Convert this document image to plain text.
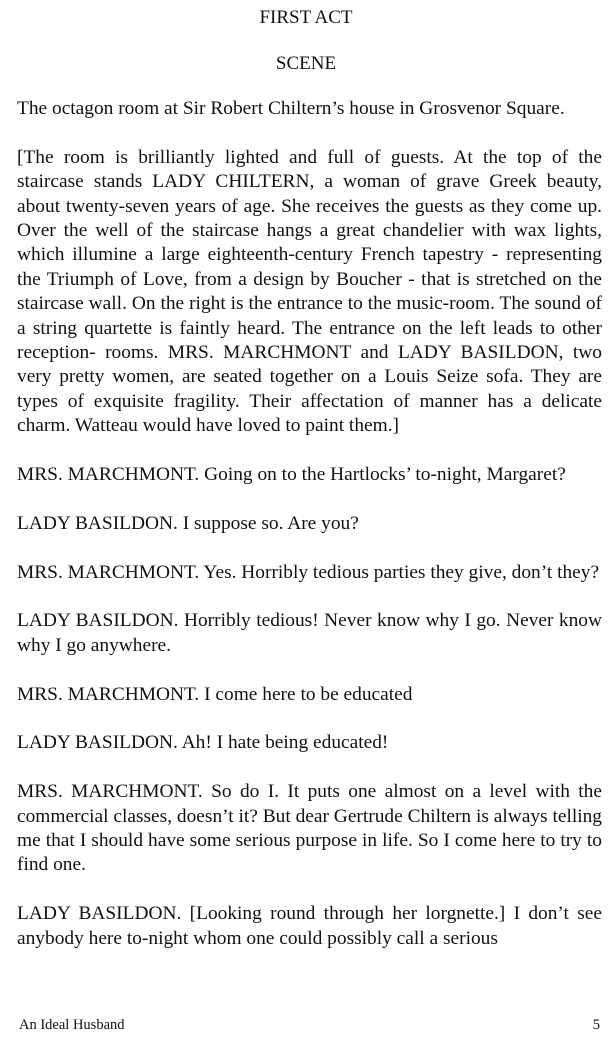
FIRST ACT
SCENE

The octagon room at Sir Robert Chiltern’s house in Grosvenor Square.

[The room is brilliantly lighted and full of guests. At the top of the staircase stands LADY CHILTERN, a woman of grave Greek beauty, about twenty-seven years of age. She receives the guests as they come up. Over the well of the staircase hangs a great chandelier with wax lights, which illumine a large eighteenth-century French tapestry - representing the Triumph of Love, from a design by Boucher - that is stretched on the staircase wall. On the right is the entrance to the music-room. The sound of a string quartette is faintly heard. The entrance on the left leads to other reception- rooms. MRS. MARCHMONT and LADY BASILDON, two very pretty women, are seated together on a Louis Seize sofa. They are types of exquisite fragility. Their affectation of manner has a delicate charm. Watteau would have loved to paint them.]

MRS. MARCHMONT. Going on to the Hartlocks’ to-night, Margaret?

LADY BASILDON. I suppose so. Are you?

MRS. MARCHMONT. Yes. Horribly tedious parties they give, don’t they?

LADY BASILDON. Horribly tedious! Never know why I go. Never know why I go anywhere.

MRS. MARCHMONT. I come here to be educated

LADY BASILDON. Ah! I hate being educated!

MRS. MARCHMONT. So do I. It puts one almost on a level with the commercial classes, doesn’t it? But dear Gertrude Chiltern is always telling me that I should have some serious purpose in life. So I come here to try to find one.

LADY BASILDON. [Looking round through her lorgnette.] I don’t see anybody here to-night whom one could possibly call a serious

An Ideal Husband	5
